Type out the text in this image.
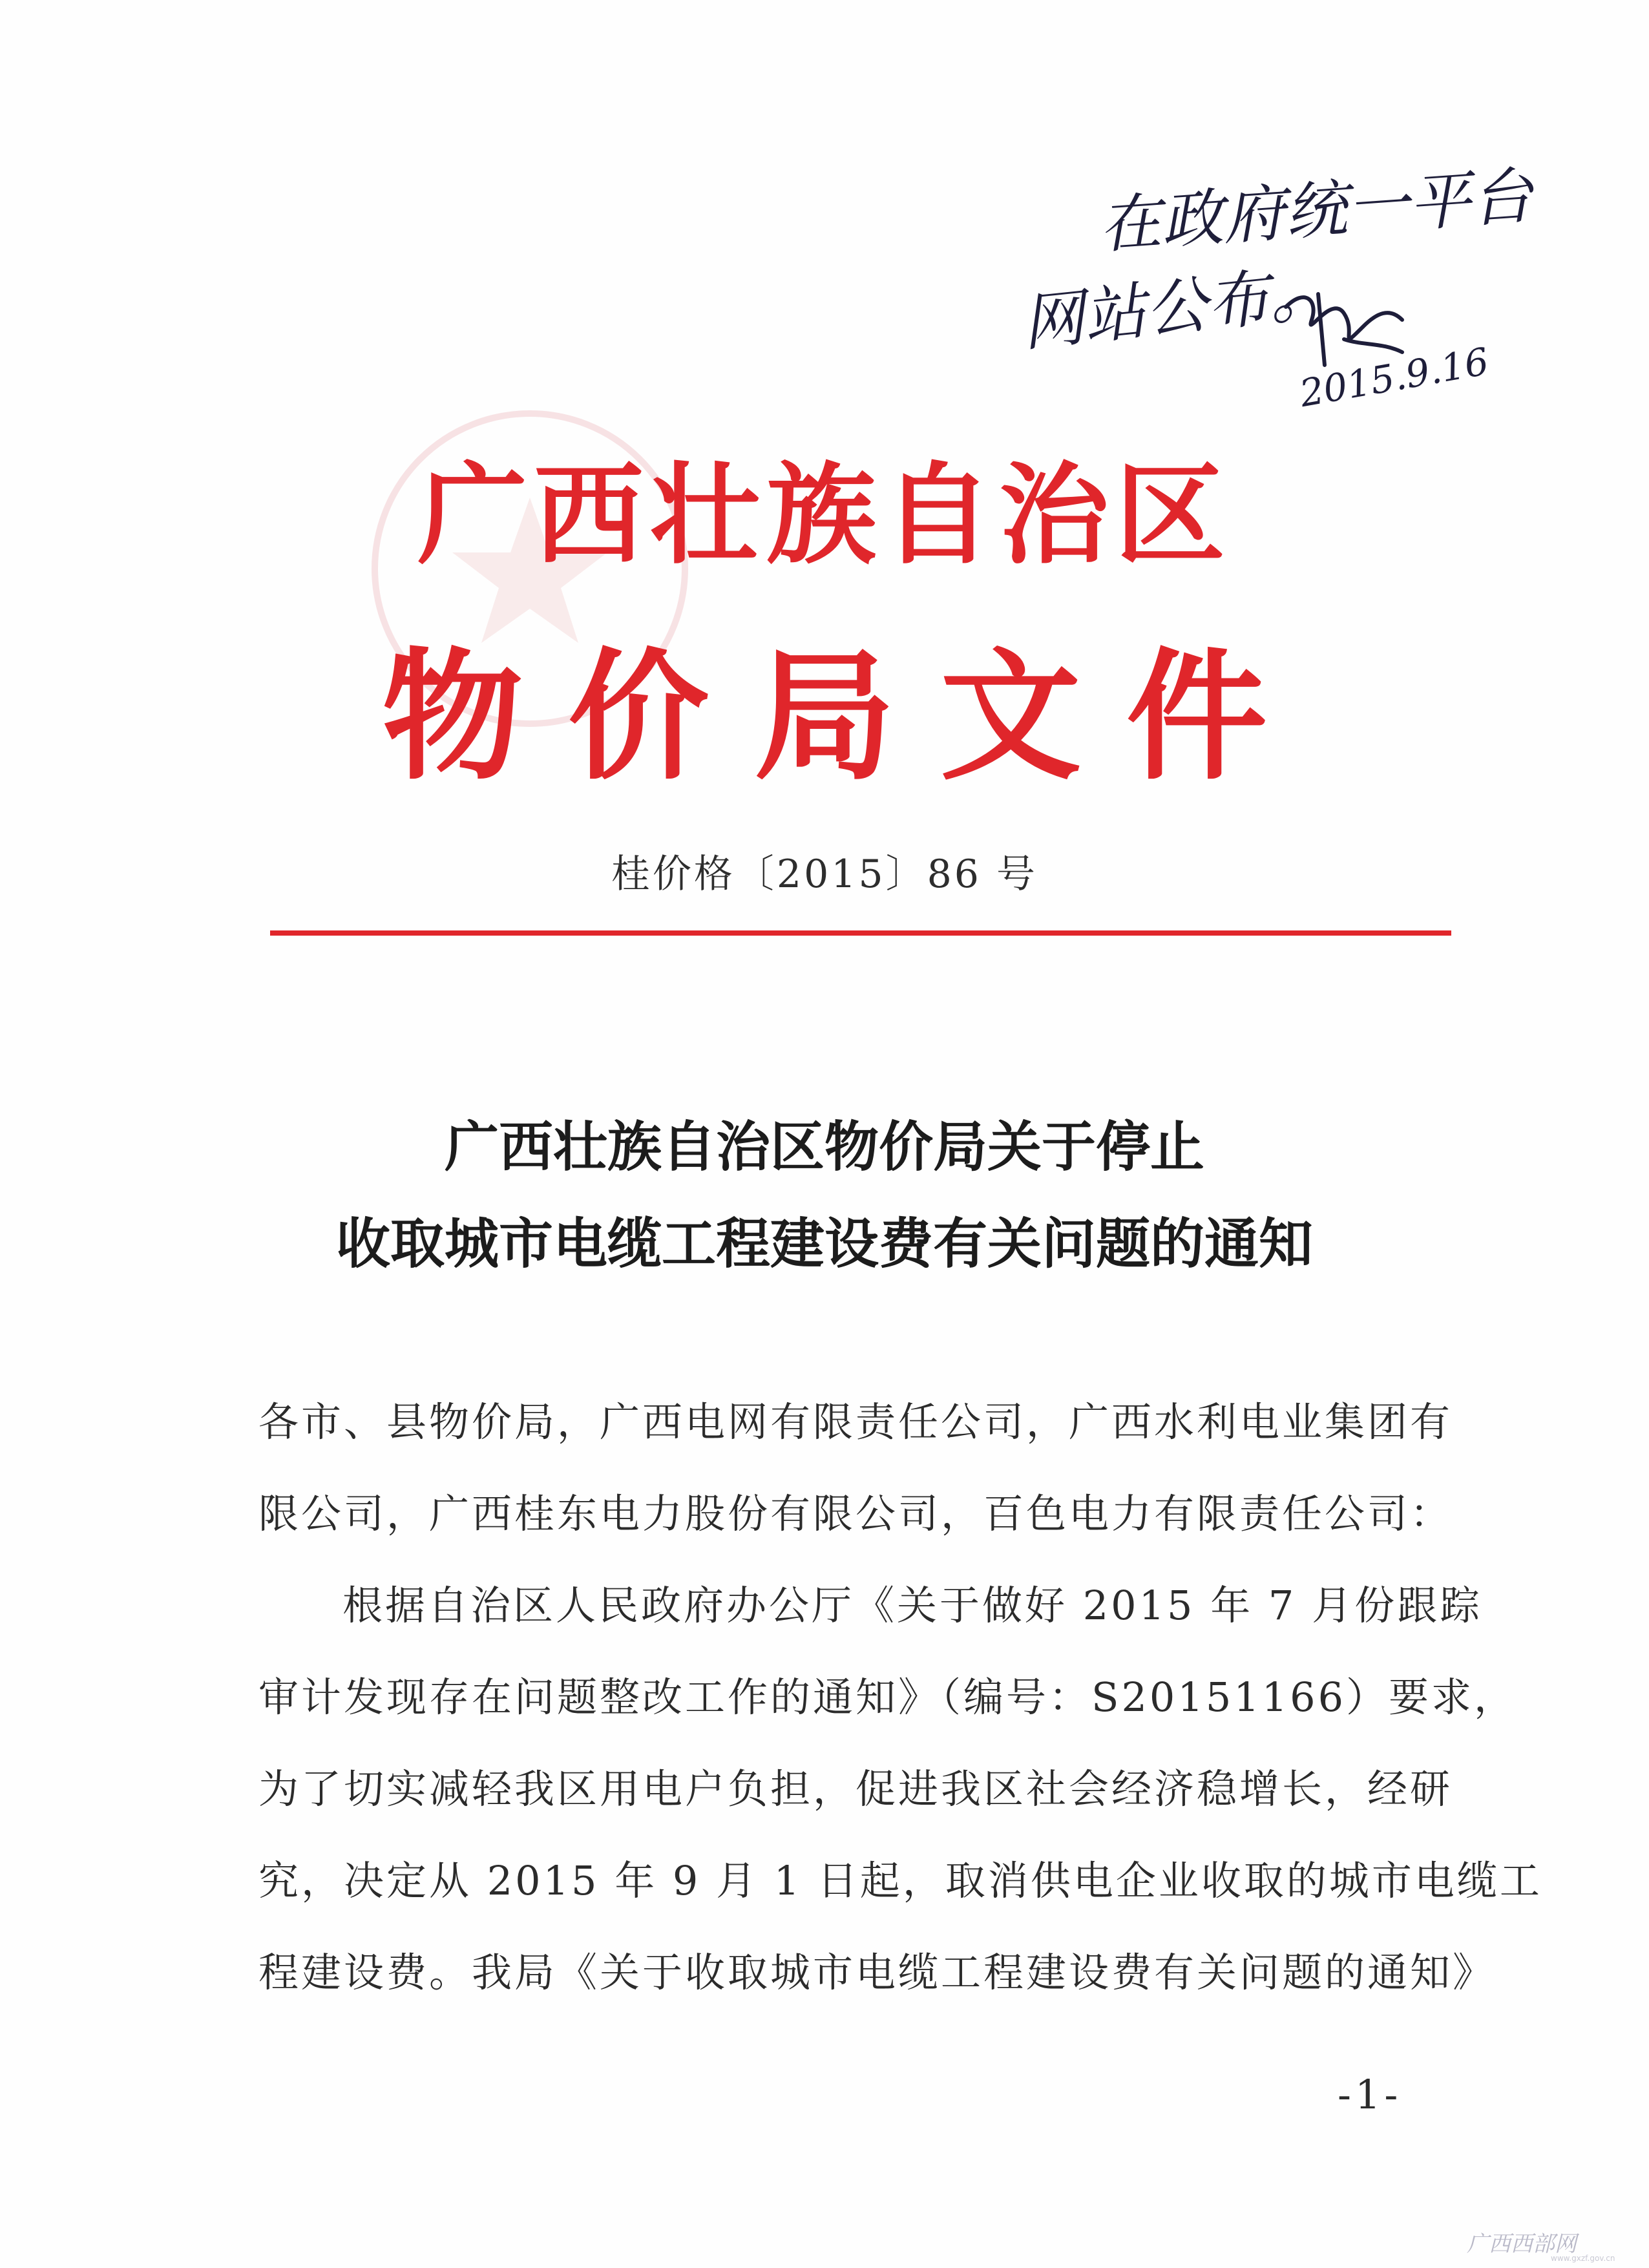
在政府统一平台
网站公布。
2015.9.16
广西壮族自治区
物价局文件
桂价格〔2015〕86 号
广西壮族自治区物价局关于停止
收取城市电缆工程建设费有关问题的通知
各市、县物价局，广西电网有限责任公司，广西水利电业集团有
限公司，广西桂东电力股份有限公司，百色电力有限责任公司：
根据自治区人民政府办公厅《关于做好 2015 年 7 月份跟踪
审计发现存在问题整改工作的通知》（编号：S20151166）要求，
为了切实减轻我区用电户负担，促进我区社会经济稳增长，经研
究，决定从 2015 年 9 月 1 日起，取消供电企业收取的城市电缆工
程建设费。我局《关于收取城市电缆工程建设费有关问题的通知》
-1-
广西西部网
www.gxzf.gov.cn
